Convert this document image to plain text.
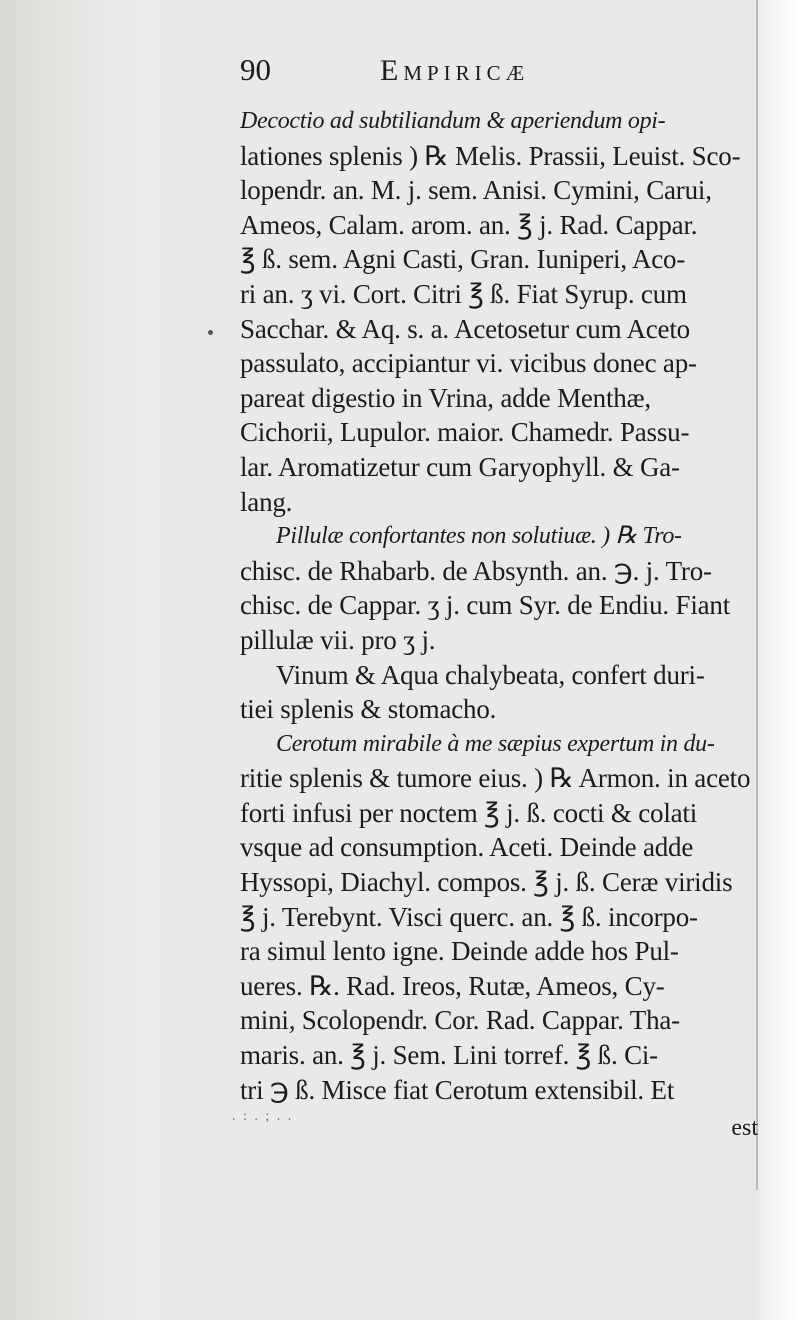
90	Empiricæ
Decoctio ad subtiliandum & aperiendum opi-
lationes splenis ) ℞ Melis. Prassii, Leuist. Sco-
lopendr. an. M. j. sem. Anisi. Cymini, Carui,
Ameos, Calam. arom. an. ℥ j. Rad. Cappar.
℥ ß. sem. Agni Casti, Gran. Iuniperi, Aco-
ri an. ʒ vi. Cort. Citri ℥ ß. Fiat Syrup. cum
Sacchar. & Aq. s. a. Acetosetur cum Aceto
passulato, accipiantur vi. vicibus donec ap-
pareat digestio in Vrina, adde Menthæ,
Cichorii, Lupulor. maior. Chamedr. Passu-
lar. Aromatizetur cum Garyophyll. & Ga-
lang.
Pillulæ confortantes non solutiuæ. ) ℞ Tro-
chisc. de Rhabarb. de Absynth. an. ℈. j. Tro-
chisc. de Cappar. ʒ j. cum Syr. de Endiu. Fiant
pillulæ vii. pro ʒ j.
Vinum & Aqua chalybeata, confert duri-
tiei splenis & stomacho.
Cerotum mirabile à me sæpius expertum in du-
ritie splenis & tumore eius. ) ℞ Armon. in aceto
forti infusi per noctem ℥ j. ß. cocti & colati
vsque ad consumption. Aceti. Deinde adde
Hyssopi, Diachyl. compos. ℥ j. ß. Ceræ viridis
℥ j. Terebynt. Visci querc. an. ℥ ß. incorpo-
ra simul lento igne. Deinde adde hos Pul-
ueres. ℞. Rad. Ireos, Rutæ, Ameos, Cy-
mini, Scolopendr. Cor. Rad. Cappar. Tha-
maris. an. ℥ j. Sem. Lini torref. ℥ ß. Ci-
tri ℈ ß. Misce fiat Cerotum extensibil. Et
. : . ; . .	est
